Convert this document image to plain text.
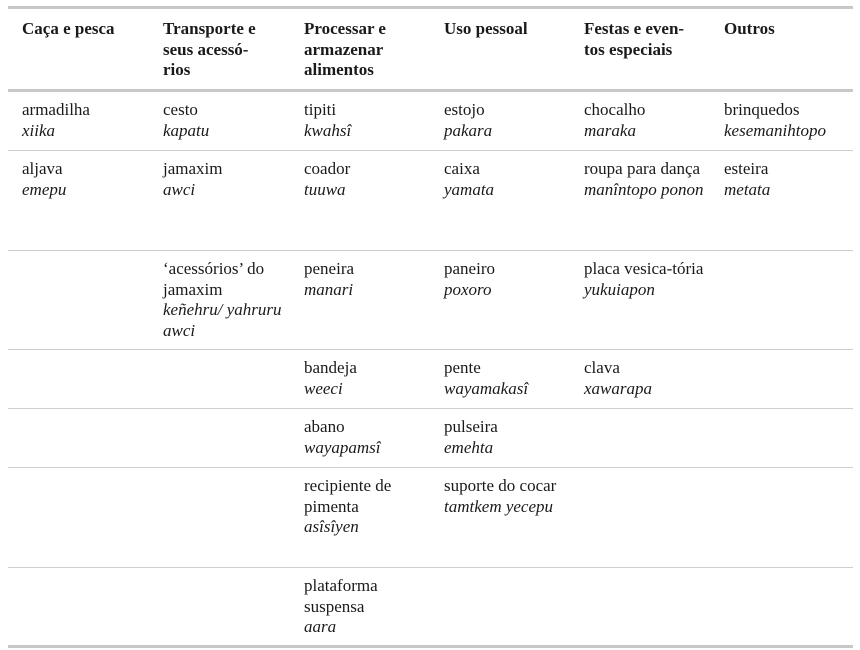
Caça e pesca	Transporte e
seus acessó-
rios
Processar e
armazenar
alimentos
Uso pessoal	Festas e even-
tos especiais
Outros
armadilha
xiika
cesto
kapatu
tipiti
kwahsî
estojo
pakara
chocalho
maraka
brinquedos
kesemanihtopo
aljava
emepu
jamaxim
awci
coador
tuuwa
caixa
yamata
roupa para dança
manîntopo ponon
esteira
metata
‘acessórios’ do jamaxim
keñehru/ yahruru awci
peneira
manari
paneiro
poxoro
placa vesica-tória
yukuiapon
bandeja
weeci
pente
wayamakasî
clava
xawarapa
abano
wayapamsî
pulseira
emehta
recipiente de pimenta
asîsîyen
suporte do cocar
tamtkem yecepu
plataforma suspensa
aara
